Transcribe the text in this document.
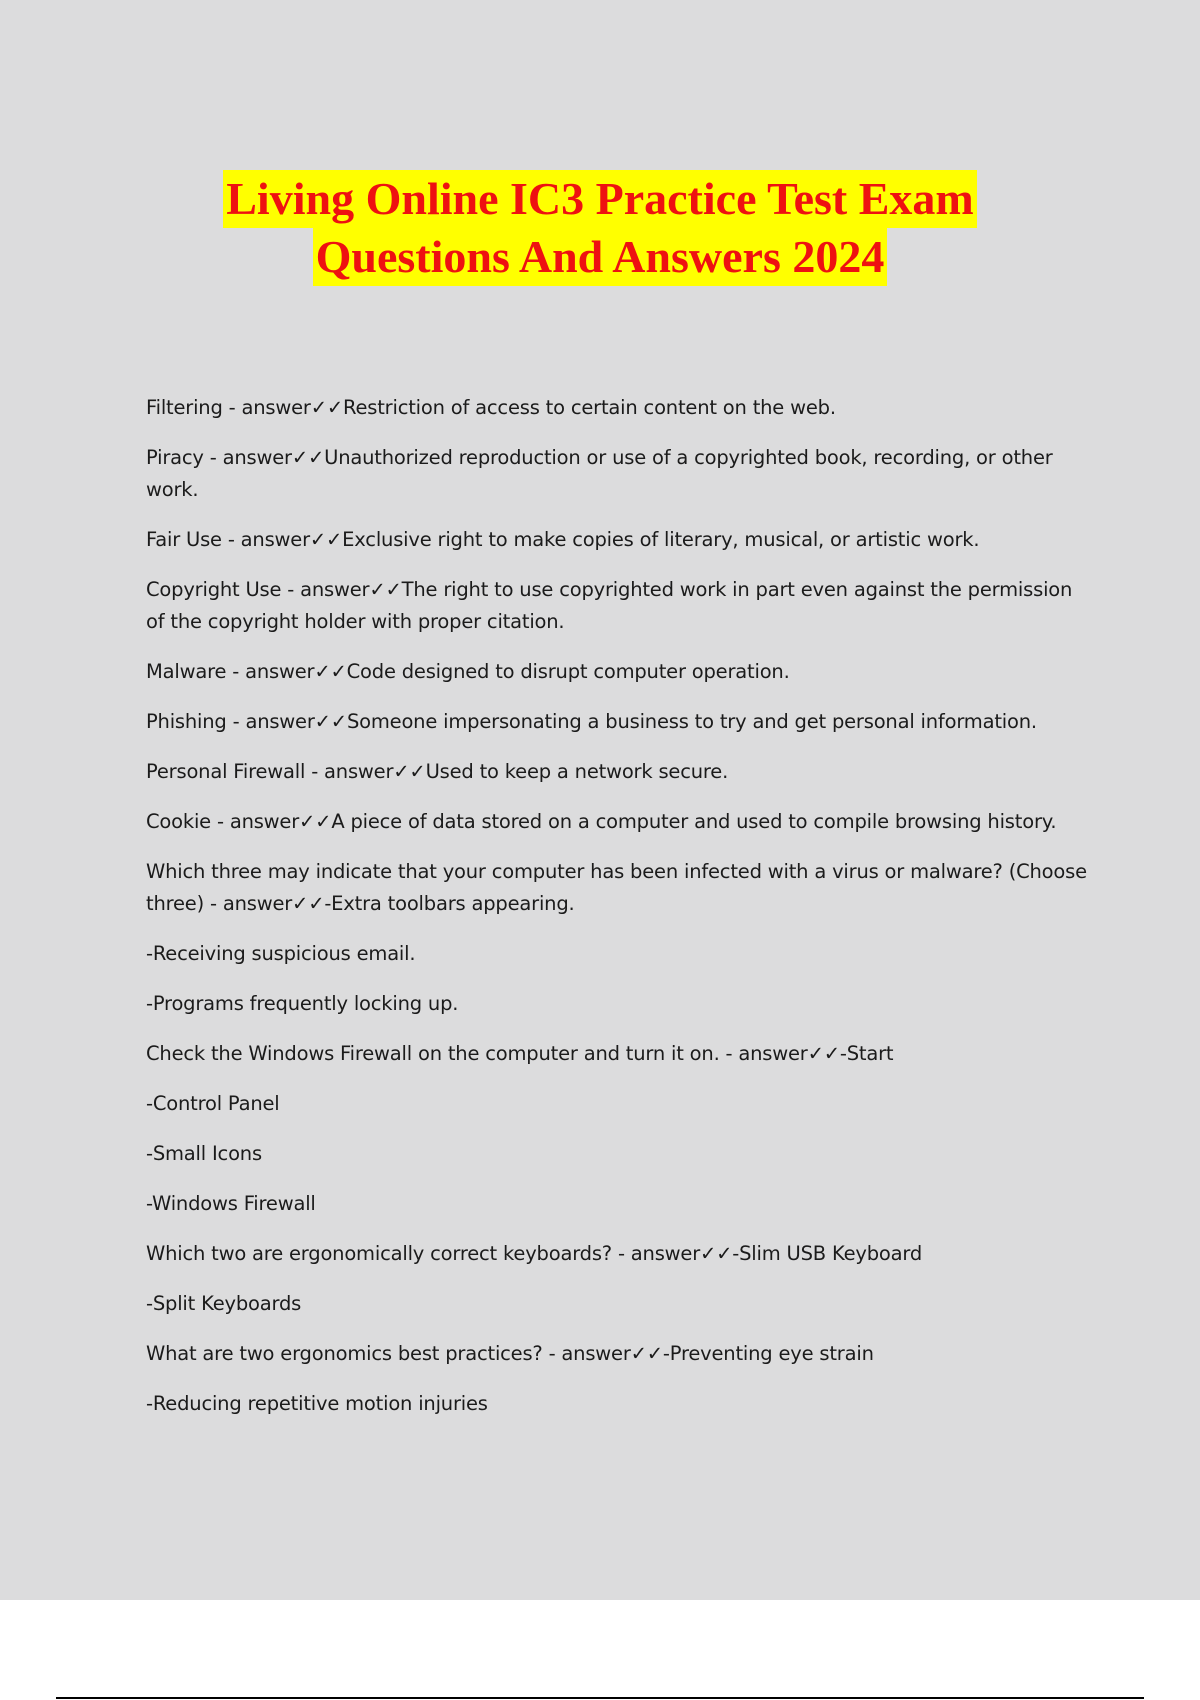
Living Online IC3 Practice Test Exam
Questions And Answers 2024

Filtering - answer✓✓Restriction of access to certain content on the web.

Piracy - answer✓✓Unauthorized reproduction or use of a copyrighted book, recording, or other work.

Fair Use - answer✓✓Exclusive right to make copies of literary, musical, or artistic work.

Copyright Use - answer✓✓The right to use copyrighted work in part even against the permission of the copyright holder with proper citation.

Malware - answer✓✓Code designed to disrupt computer operation.

Phishing - answer✓✓Someone impersonating a business to try and get personal information.

Personal Firewall - answer✓✓Used to keep a network secure.

Cookie - answer✓✓A piece of data stored on a computer and used to compile browsing history.

Which three may indicate that your computer has been infected with a virus or malware? (Choose three) - answer✓✓-Extra toolbars appearing.

-Receiving suspicious email.

-Programs frequently locking up.

Check the Windows Firewall on the computer and turn it on. - answer✓✓-Start

-Control Panel

-Small Icons

-Windows Firewall

Which two are ergonomically correct keyboards? - answer✓✓-Slim USB Keyboard

-Split Keyboards

What are two ergonomics best practices? - answer✓✓-Preventing eye strain

-Reducing repetitive motion injuries
